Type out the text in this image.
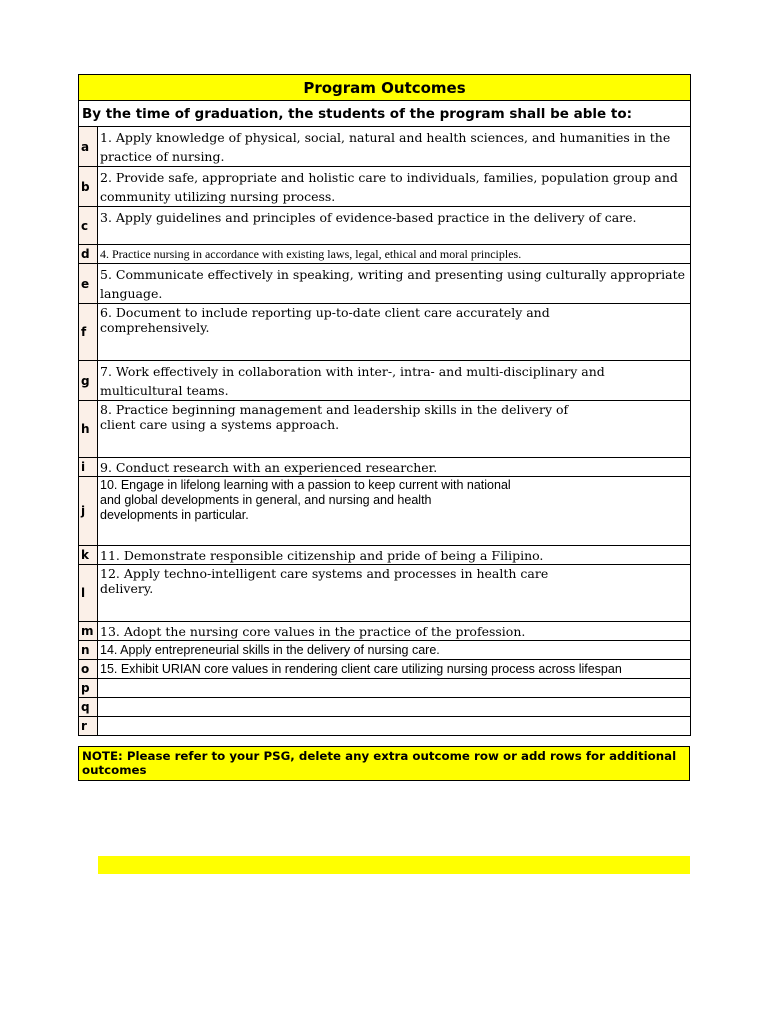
Program Outcomes	
By the time of graduation, the students of the program shall be able to:	
a	1. Apply knowledge of physical, social, natural and health sciences, and humanities in the practice of nursing.
b	2. Provide safe, appropriate and holistic care to individuals, families, population group and community utilizing nursing process.
c	3. Apply guidelines and principles of evidence-based practice in the delivery of care.
d	4. Practice nursing in accordance with existing laws, legal, ethical and moral principles.
e	5. Communicate effectively in speaking, writing and presenting using culturally appropriate language.
f	6. Document to include reporting up-to-date client care accurately and
comprehensively.
g	7. Work effectively in collaboration with inter-, intra- and multi-disciplinary and multicultural teams.
h	8. Practice beginning management and leadership skills in the delivery of
client care using a systems approach.
i	9. Conduct research with an experienced researcher.
j	10. Engage in lifelong learning with a passion to keep current with national
and global developments in general, and nursing and health
developments in particular.
k	11. Demonstrate responsible citizenship and pride of being a Filipino.
l	12. Apply techno-intelligent care systems and processes in health care
delivery.
m	13. Adopt the nursing core values in the practice of the profession.
n	14. Apply entrepreneurial skills in the delivery of nursing care.
o	15. Exhibit URIAN core values in rendering client care utilizing nursing process across lifespan
p	
q	
r	
NOTE: Please refer to your PSG, delete any extra outcome row or add rows for additional outcomes
